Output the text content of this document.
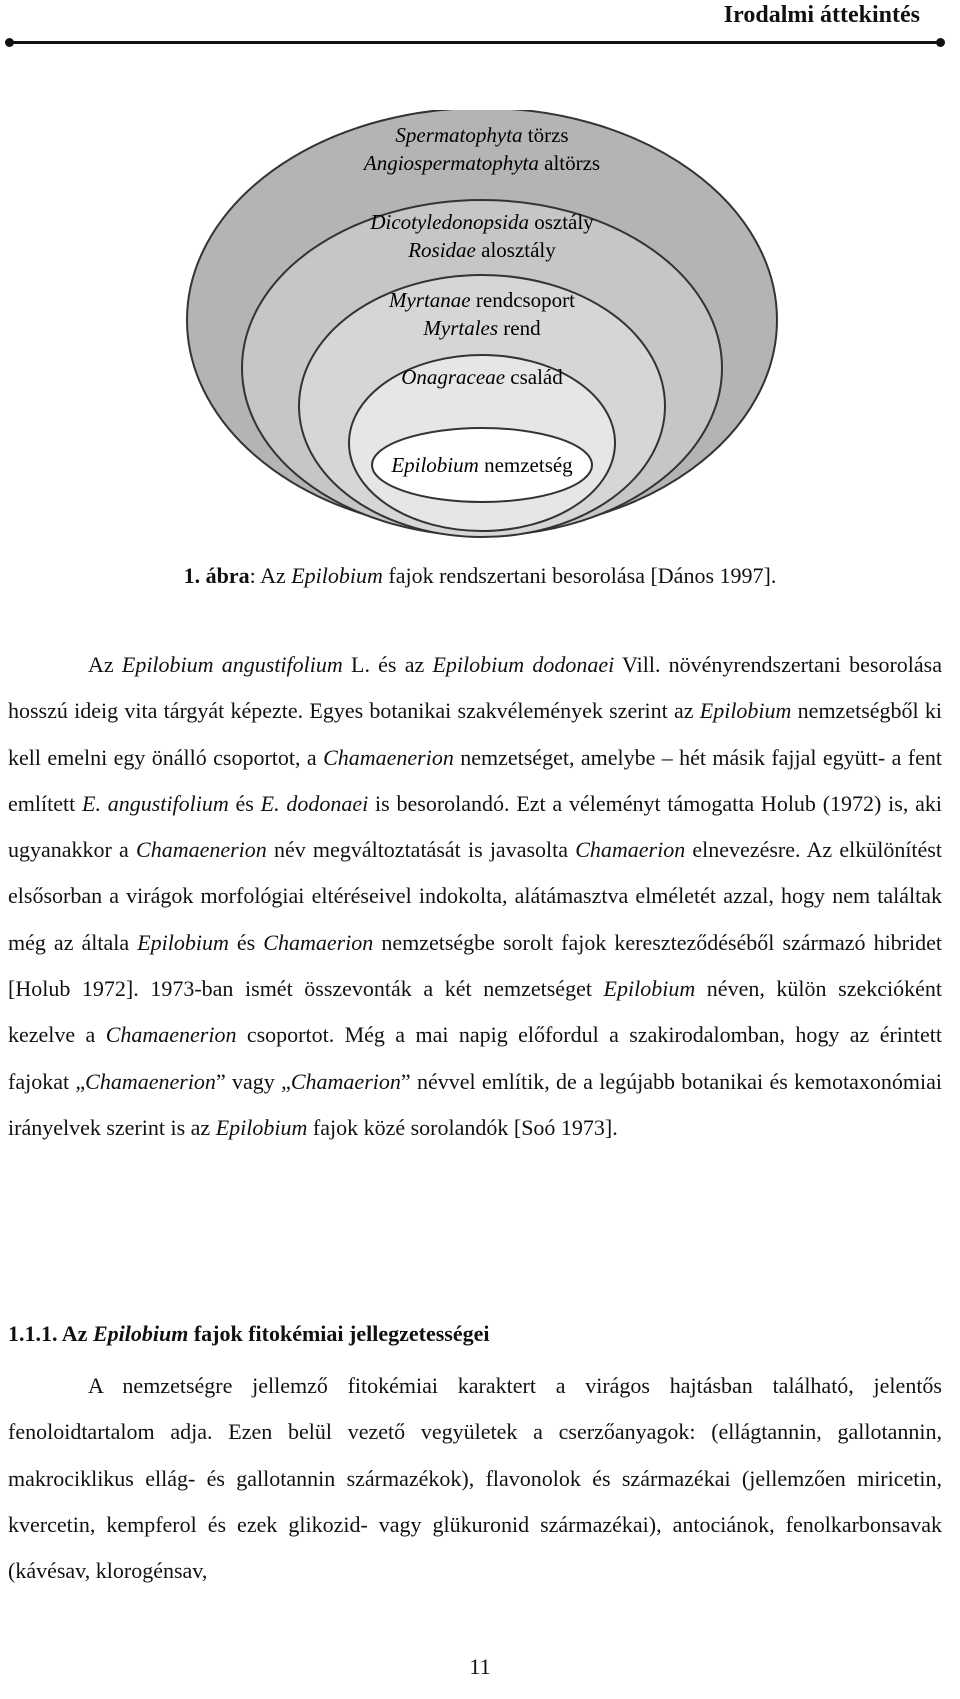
Irodalmi áttekintés
Spermatophyta törzs
Angiospermatophyta altörzs
Dicotyledonopsida osztály
Rosidae alosztály
Myrtanae rendcsoport
Myrtales rend
Onagraceae család
Epilobium nemzetség
1. ábra: Az Epilobium fajok rendszertani besorolása [Dános 1997].
Az Epilobium angustifolium L. és az Epilobium dodonaei Vill. növényrendszertani besorolása hosszú ideig vita tárgyát képezte. Egyes botanikai szakvélemények szerint az Epilobium nemzetségből ki kell emelni egy önálló csoportot, a Chamaenerion nemzetséget, amelybe – hét másik fajjal együtt- a fent említett E. angustifolium és E. dodonaei is besorolandó. Ezt a véleményt támogatta Holub (1972) is, aki ugyanakkor a Chamaenerion név megváltoztatását is javasolta Chamaerion elnevezésre. Az elkülönítést elsősorban a virágok morfológiai eltéréseivel indokolta, alátámasztva elméletét azzal, hogy nem találtak még az általa Epilobium és Chamaerion nemzetségbe sorolt fajok kereszteződéséből származó hibridet [Holub 1972]. 1973-ban ismét összevonták a két nemzetséget Epilobium néven, külön szekcióként kezelve a Chamaenerion csoportot. Még a mai napig előfordul a szakirodalomban, hogy az érintett fajokat „Chamaenerion” vagy „Chamaerion” névvel említik, de a legújabb botanikai és kemotaxonómiai irányelvek szerint is az Epilobium fajok közé sorolandók [Soó 1973].
1.1.1. Az Epilobium fajok fitokémiai jellegzetességei
A nemzetségre jellemző fitokémiai karaktert a virágos hajtásban található, jelentős fenoloidtartalom adja. Ezen belül vezető vegyületek a cserzőanyagok: (ellágtannin, gallotannin, makrociklikus ellág- és gallotannin származékok), flavonolok és származékai (jellemzően miricetin, kvercetin, kempferol és ezek glikozid- vagy glükuronid származékai), antociánok, fenolkarbonsavak (kávésav, klorogénsav,
11
